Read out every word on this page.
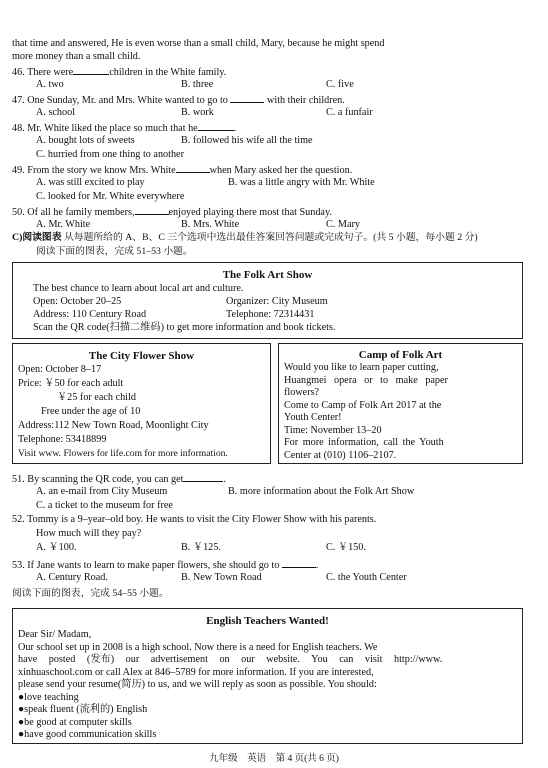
that time and answered, He is even worse than a small child, Mary, because he might spend
more money than a small child.
46. There were	children in the White family.
A. two	B. three	C. five
47. One Sunday, Mr. and Mrs. White wanted to go to	with their children.
A. school	B. work	C. a funfair
48. Mr. White liked the place so much that he	.
A. bought lots of sweets	B. followed his wife all the time
C. hurried from one thing to another
49. From the story we know Mrs. White	when Mary asked her the question.
A. was still excited to play	B. was a little angry with Mr. White
C. looked for Mr. White everywhere
50. Of all he family members,	enjoyed playing there most that Sunday.
A. Mr. White	B. Mrs. White	C. Mary
C)阅读图表 从每题所给的 A、B、C 三个选项中选出最佳答案回答问题或完成句子。(共 5 小题，每小题 2 分)
阅读下面的图表，完成 51–53 小题。
The Folk Art Show
The best chance to learn about local art and culture.
Open: October 20–25	Organizer: City Museum
Address: 110 Century Road	Telephone: 72314431
Scan the QR code(扫描二维码) to get more information and book tickets.
The City Flower Show
Open: October 8–17
Price: ￥50 for each adult
￥25 for each child
Free under the age of 10
Address:112 New Town Road, Moonlight City
Telephone: 53418899
Visit www. Flowers for life.com for more information.
Camp of Folk Art
Would you like to learn paper cutting,
Huangmei opera or to make paper
flowers?
Come to Camp of Folk Art 2017 at the
Youth Center!
Time: November 13–20
For more information, call the Youth
Center at (010) 1106–2107.
51. By scanning the QR code, you can get	.
A. an e-mail from City Museum	B. more information about the Folk Art Show
C. a ticket to the museum for free
52. Tommy is a 9–year–old boy. He wants to visit the City Flower Show with his parents.
How much will they pay?
A. ￥100.	B. ￥125.	C. ￥150.
53. If Jane wants to learn to make paper flowers, she should go to	.
A. Century Road.	B. New Town Road	C. the Youth Center
阅读下面的图表，完成 54–55 小题。
English Teachers Wanted!
Dear Sir/ Madam,
Our school set up in 2008 is a high school. Now there is a need for English teachers. We
have posted (发布) our advertisement on our website. You can visit http://www.
xinhuaschool.com or call Alex at 846–5789 for more information. If you are interested,
please send your resume(简历) to us, and we will reply as soon as possible. You should:
●love teaching
●speak fluent (流利的) English
●be good at computer skills
●have good communication skills
九年级　英语　第 4 页(共 6 页)
